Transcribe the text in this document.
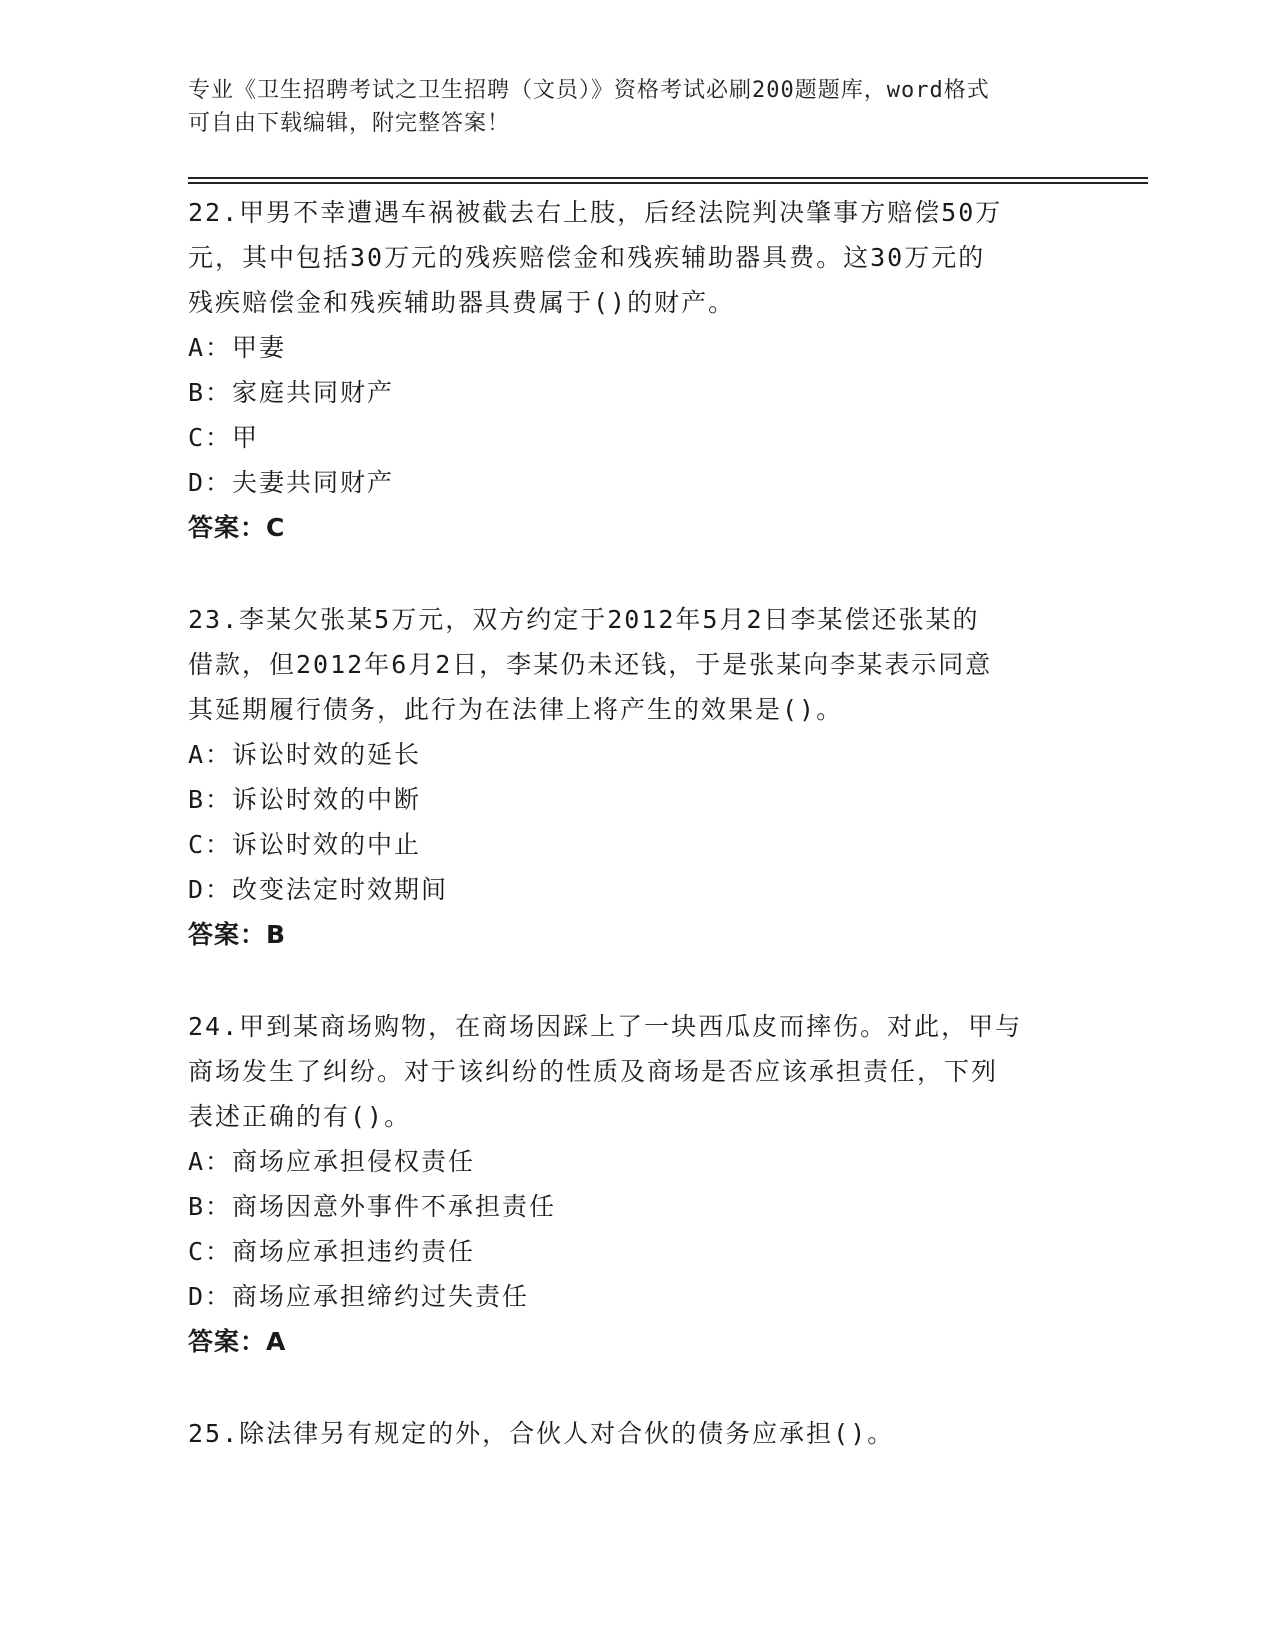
专业《卫生招聘考试之卫生招聘（文员）》资格考试必刷200题题库，word格式
可自由下载编辑，附完整答案！

22.甲男不幸遭遇车祸被截去右上肢，后经法院判决肇事方赔偿50万

元，其中包括30万元的残疾赔偿金和残疾辅助器具费。这30万元的

残疾赔偿金和残疾辅助器具费属于()的财产。

A：甲妻

B：家庭共同财产

C：甲

D：夫妻共同财产

答案：C

23.李某欠张某5万元，双方约定于2012年5月2日李某偿还张某的

借款，但2012年6月2日，李某仍未还钱，于是张某向李某表示同意

其延期履行债务，此行为在法律上将产生的效果是()。

A：诉讼时效的延长

B：诉讼时效的中断

C：诉讼时效的中止

D：改变法定时效期间

答案：B

24.甲到某商场购物，在商场因踩上了一块西瓜皮而摔伤。对此，甲与

商场发生了纠纷。对于该纠纷的性质及商场是否应该承担责任，下列

表述正确的有()。

A：商场应承担侵权责任

B：商场因意外事件不承担责任

C：商场应承担违约责任

D：商场应承担缔约过失责任

答案：A

25.除法律另有规定的外，合伙人对合伙的债务应承担()。
